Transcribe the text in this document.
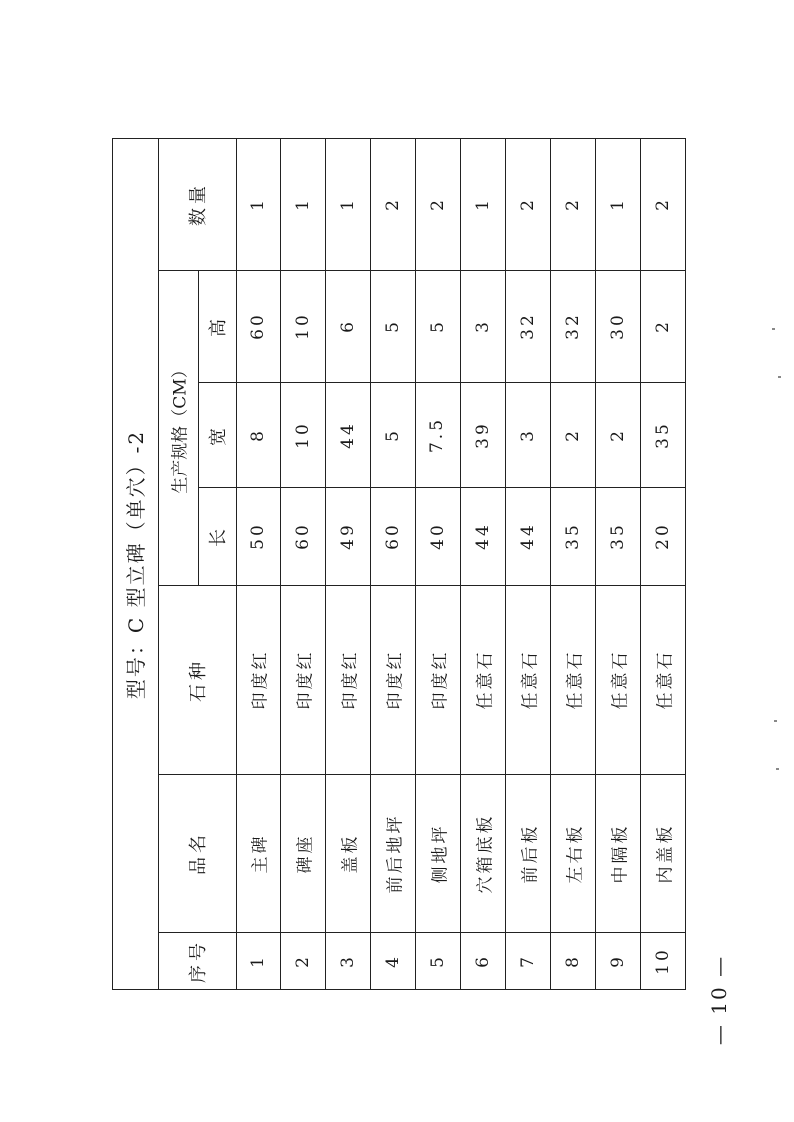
型号：C 型立碑（单穴）-2
序号
品名
石种
生产规格（CM）
长
宽
高
数量
1
主碑
印度红
50
8
60
1
2
碑座
印度红
60
10
10
1
3
盖板
印度红
49
44
6
1
4
前后地坪
印度红
60
5
5
2
5
侧地坪
印度红
40
7.5
5
2
6
穴箱底板
任意石
44
39
3
1
7
前后板
任意石
44
3
32
2
8
左右板
任意石
35
2
32
2
9
中隔板
任意石
35
2
30
1
10
内盖板
任意石
20
35
2
2
— 10 —
